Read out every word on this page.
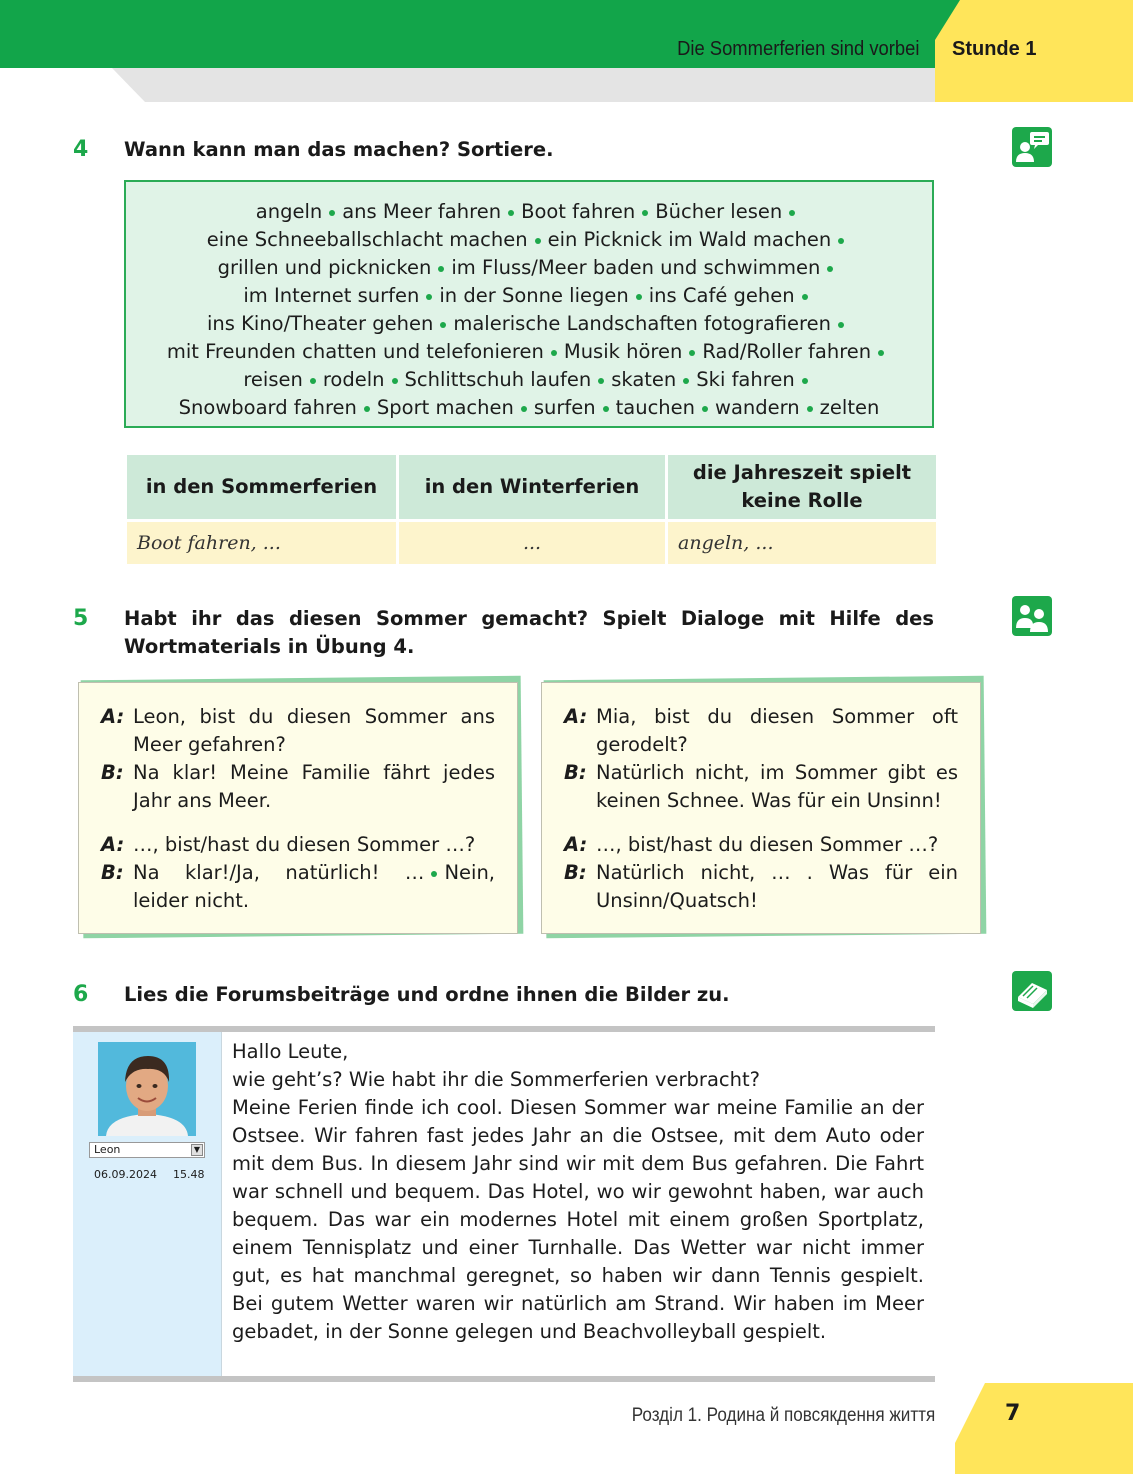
Die Sommerferien sind vorbei Stunde 1
4 Wann kann man das machen? Sortiere.
angeln ans Meer fahren Boot fahren Bücher lesen
eine Schneeballschlacht machen ein Picknick im Wald machen
grillen und picknicken im Fluss/Meer baden und schwimmen
im Internet surfen in der Sonne liegen ins Café gehen
ins Kino/Theater gehen malerische Landschaften fotografieren
mit Freunden chatten und telefonieren Musik hören Rad/Roller fahren
reisen rodeln Schlittschuh laufen skaten Ski fahren
Snowboard fahren Sport machen surfen tauchen wandern zelten
in den Sommerferien	in den Winterferien	die Jahreszeit spielt keine Rolle
Boot fahren, ...	...	angeln, ...
5 Habt ihr das diesen Sommer gemacht? Spielt Dialoge mit Hilfe des Wortmaterials in Übung 4.
A: Leon, bist du diesen Sommer ans Meer gefahren?
B: Na klar! Meine Familie fährt jedes Jahr ans Meer.
A: …, bist/hast du diesen Sommer …?
B: Na klar!/Ja, natürlich! … Nein, leider nicht.
A: Mia, bist du diesen Sommer oft gerodelt?
B: Natürlich nicht, im Sommer gibt es keinen Schnee. Was für ein Unsinn!
A: …, bist/hast du diesen Sommer …?
B: Natürlich nicht, … . Was für ein Unsinn/Quatsch!
6 Lies die Forumsbeiträge und ordne ihnen die Bilder zu.
Leon	▼
06.09.2024 15.48
Hallo Leute,
wie geht’s? Wie habt ihr die Sommerferien verbracht?
Meine Ferien finde ich cool. Diesen Sommer war meine Familie an der Ostsee. Wir fahren fast jedes Jahr an die Ostsee, mit dem Auto oder mit dem Bus. In diesem Jahr sind wir mit dem Bus gefahren. Die Fahrt war schnell und bequem. Das Hotel, wo wir gewohnt haben, war auch bequem. Das war ein modernes Hotel mit einem großen Sportplatz, einem Tennisplatz und einer Turnhalle. Das Wetter war nicht immer gut, es hat manchmal geregnet, so haben wir dann Tennis gespielt. Bei gutem Wetter waren wir natürlich am Strand. Wir haben im Meer gebadet, in der Sonne gelegen und Beachvolleyball gespielt.
Розділ 1. Родина й повсякдення життя	7
